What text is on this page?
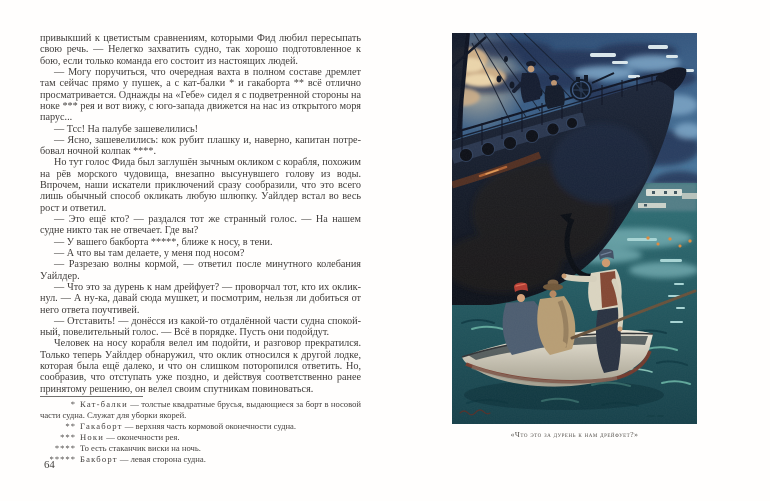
привыкший к цветистым сравнениям, которыми Фид любил пересыпать свою речь. — Нелегко захватить судно, так хорошо подготовленное к бою, если только команда его состоит из настоящих людей.

— Могу поручиться, что очередная вахта в полном составе дремлет там сейчас прямо у пушек, а с кат-балки * и гакаборта ** всё отлично просматривается. Однажды на «Гебе» сидел я с подветренной стороны на ноке *** рея и вот вижу, с юго-запада движется на нас из открытого моря парус...

— Тсс! На палубе зашевелились!

— Ясно, зашевелились: кок рубит плашку и, наверно, капитан потребовал ночной колпак ****.

Но тут голос Фида был заглушён зычным окликом с корабля, похожим на рёв морского чудовища, внезапно высунувшего голову из воды. Впрочем, наши искатели приключений сразу сообразили, что это всего лишь обычный способ окликать любую шлюпку. Уайлдер встал во весь рост и ответил.

— Это ещё кто? — раздался тот же странный голос. — На нашем судне никто так не отвечает. Где вы?

— У вашего бакборта *****, ближе к носу, в тени.

— А что вы там делаете, у меня под носом?

— Разрезаю волны кормой, — ответил после минутного колебания Уайлдер.

— Что это за дурень к нам дрейфует? — проворчал тот, кто их окликнул. — А ну-ка, давай сюда мушкет, и посмотрим, нельзя ли добиться от него ответа поучтивей.

— Отставить! — донёсся из какой-то отдалённой части судна спокойный, повелительный голос. — Всё в порядке. Пусть они подойдут.

Человек на носу корабля велел им подойти, и разговор прекратился. Только теперь Уайлдер обнаружил, что оклик относился к другой лодке, которая была ещё далеко, и что он слишком поторопился ответить. Но, сообразив, что отступать уже поздно, и действуя соответственно ранее принятому решению, он велел своим спутникам повиноваться.

* Кат-балки — толстые квадратные брусья, выдающиеся за борт в носовой части судна. Служат для уборки якорей.

** Гакаборт — верхняя часть кормовой оконечности судна.

*** Ноки — оконечности рея.

**** То есть стаканчик виски на ночь.

***** Бакборт — левая сторона судна.

64
«Что это за дурень к нам дрейфует?»
